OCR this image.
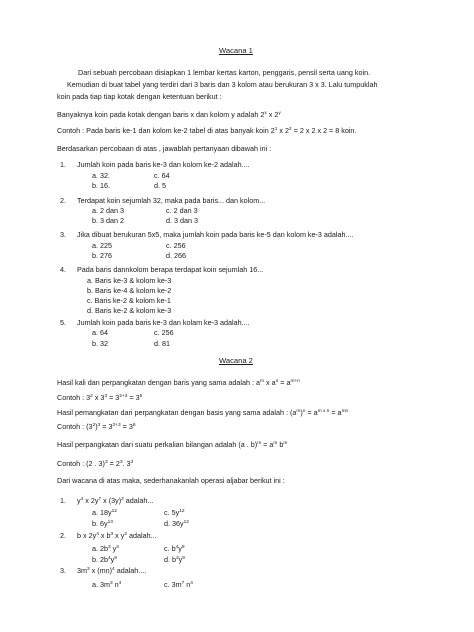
Wacana 1
Dari sebuah percobaan disiapkan 1 lembar kertas karton, penggaris, pensil serta uang koin.
Kemudian di buat tabel yang terdiri dari 3 baris dan 3 kolom atau berukuran 3 x 3. Lalu tumpuklah
koin pada tiap tiap kotak dengan ketentuan berikut :
Banyaknya koin pada kotak dengan baris x dan kolom y adalah 2$^x$ x 2$^y$
Contoh : Pada baris ke-1 dan kolom ke-2 tabel di atas banyak koin $2^1$ x $2^2 = 2$ x 2 x 2 = 8 koin.
Berdasarkan percobaan di atas , jawablah pertanyaan dibawah ini :
1. Jumlah koin pada baris ke-3 dan kolom ke-2 adalah....
a. 32.	c. 64
b. 16.	d. 5
2. Terdapat koin sejumlah 32, maka pada baris... dan kolom...
a. 2 dan 3	c. 2 dan 3
b. 3 dan 2	d. 3 dan 3
3. Jika dibuat berukuran 5x5, maka jumlah koin pada baris ke-5 dan kolom ke-3 adalah....
a. 225	c. 256
b. 276	d. 266
4. Pada baris dannkolom berapa terdapat koin sejumlah 16...
a. Baris ke-3 & kolom ke-3
b. Baris ke-4 & kolom ke-2
c. Baris ke-2 & kolom ke-1
d. Baris ke-2 & kolom ke-3
5. Jumlah koin pada baris ke-3 dan kolam ke-3 adalah....
a. 64	c. 256
b. 32	d. 81
Wacana 2
Hasil kali dan perpangkatan dengan baris yang sama adalah : $a^m$ x $a^n = a^{m+n}$
Contoh : $3^2$ x $3^3 = 3^{2+3} = 3^5$
Hasil pemangkatan dari perpangkatan dengan basis yang sama adalah : $(a^m)^n = a^{m x n} = a^{mn}$
Contoh : $(3^2)^3 = 3^{2+3} = 3^6$
Hasil perpangkatan dari suatu perkalian bilangan adalah (a . $b)^m = a^m$ $b^m$
Contoh : (2 . $3)^3 = 2^3$. $3^3$
Dari wacana di atas maka, sederhanakanlah operasi aljabar berikut ini :
1. $y^4$ x $2y^7$ x $(3y)^2$ adalah...
a. $18y^{12}$	c. $5y^{12}$
b. $6y^{13}$	d. $36y^{12}$
2. b x $2y^4$ x $b^3$ x $y^2$ adalah...
a. $2b^3$ $y^3$	c. $b^4y^9$
b. $2b^4y^9$	d. $b^3y^9$
3. $3m^3$ x (mn)$^4$ adalah....
a. $3m^3$ $n^4$	c. $3m^7$ $n^4$
